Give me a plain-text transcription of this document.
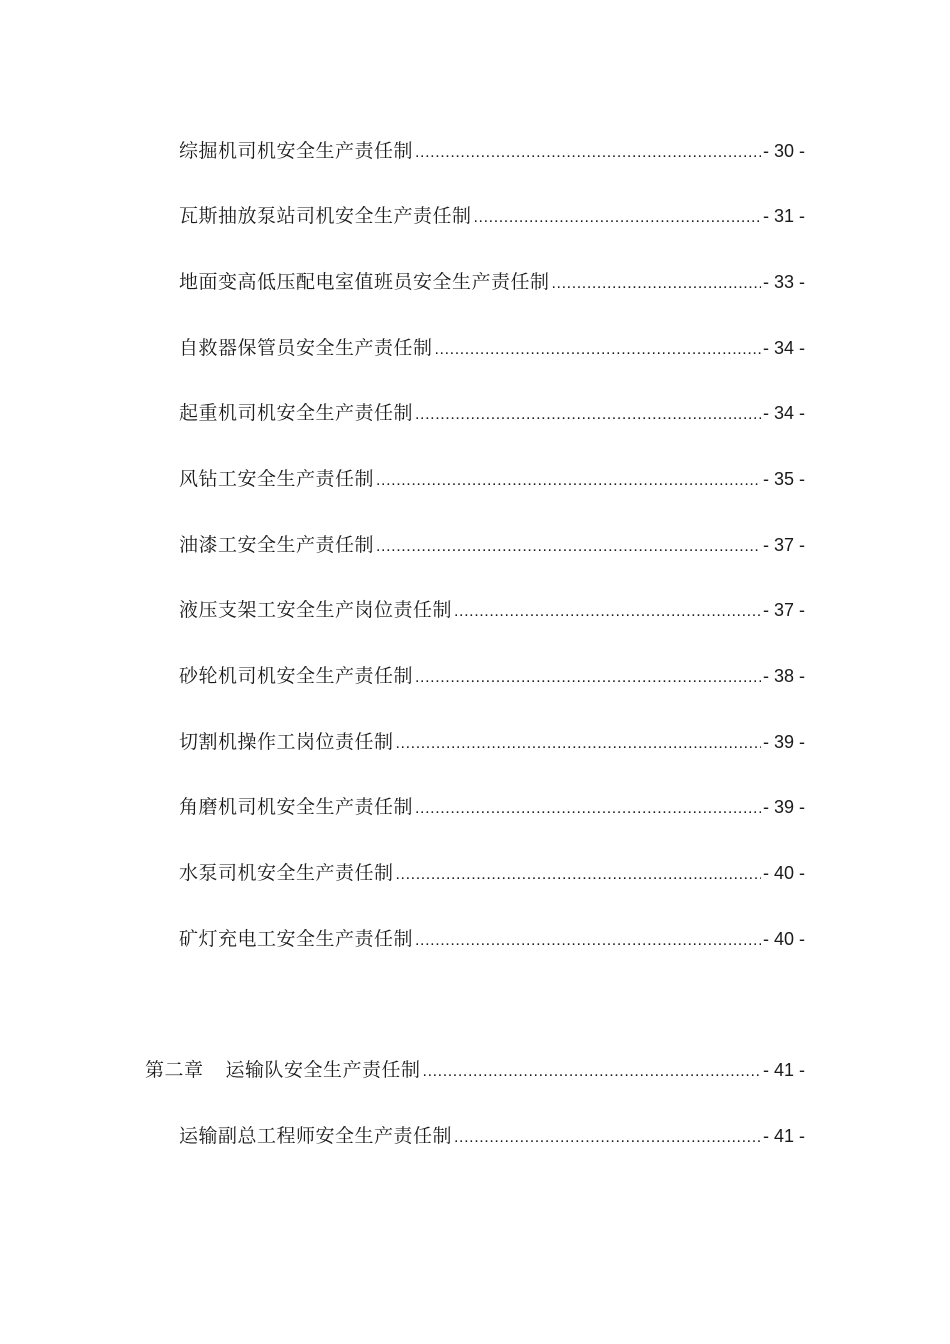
综掘机司机安全生产责任制 .....	- 30 -
瓦斯抽放泵站司机安全生产责任制 .....	- 31 -
地面变高低压配电室值班员安全生产责任制 .....	- 33 -
自救器保管员安全生产责任制 .....	- 34 -
起重机司机安全生产责任制 .....	- 34 -
风钻工安全生产责任制 .....	- 35 -
油漆工安全生产责任制 .....	- 37 -
液压支架工安全生产岗位责任制 .....	- 37 -
砂轮机司机安全生产责任制 .....	- 38 -
切割机操作工岗位责任制 .....	- 39 -
角磨机司机安全生产责任制 .....	- 39 -
水泵司机安全生产责任制 .....	- 40 -
矿灯充电工安全生产责任制 .....	- 40 -
第二章 运输队安全生产责任制 .....	- 41 -
运输副总工程师安全生产责任制 .....	- 41 -
